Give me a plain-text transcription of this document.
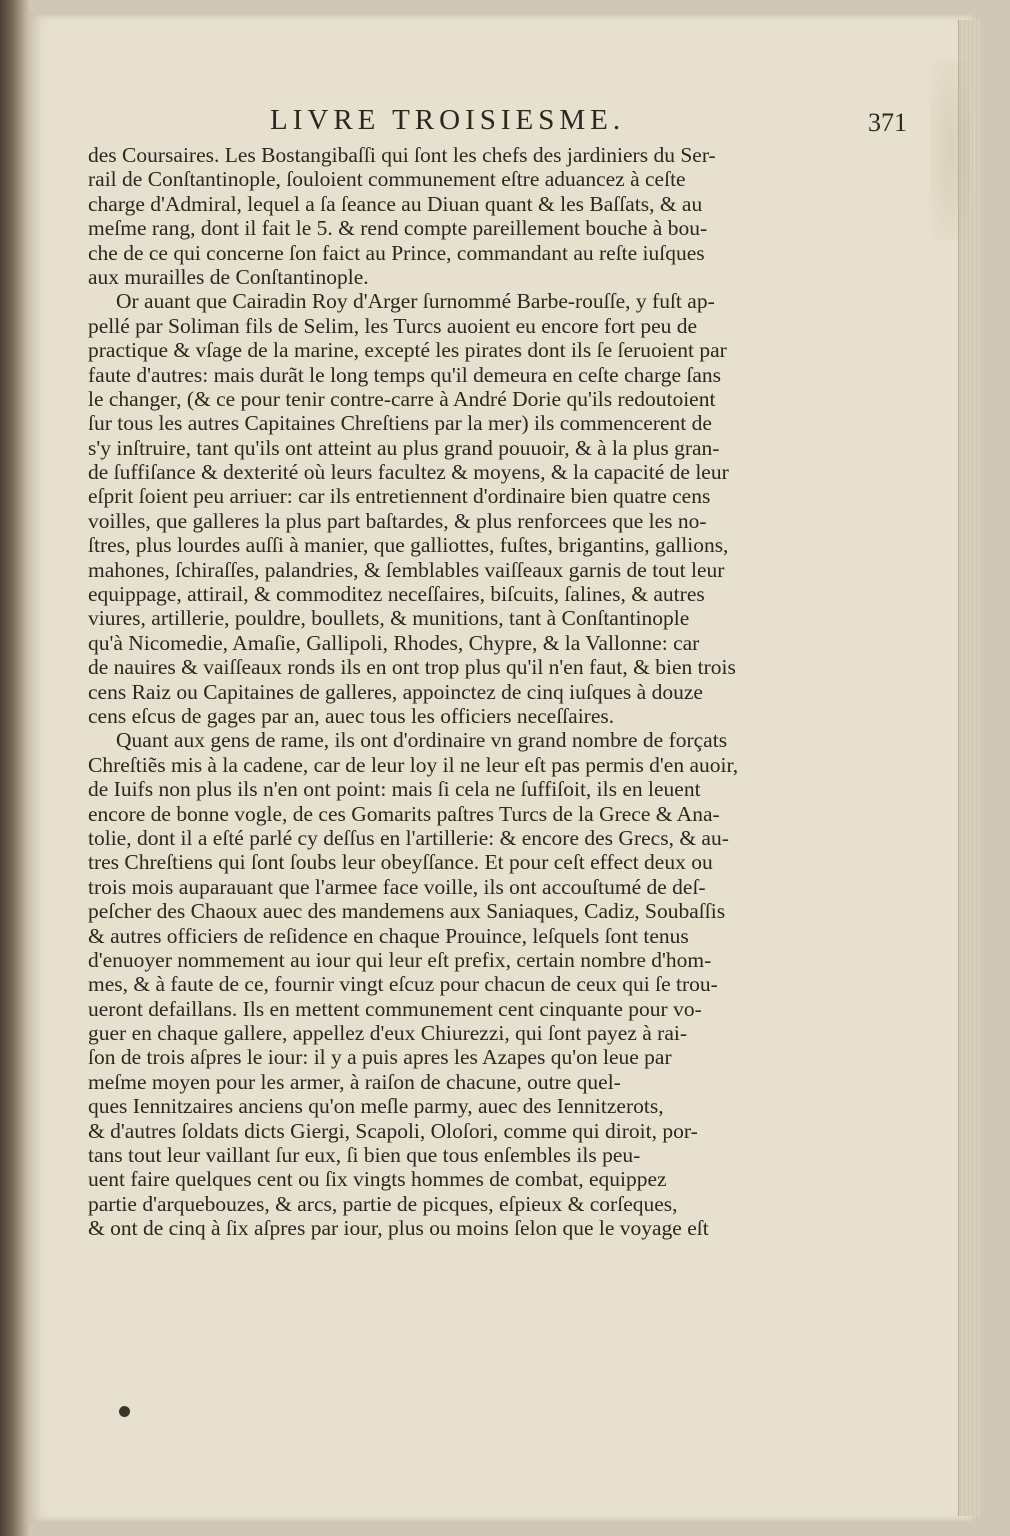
LIVRE TROISIESME.	371
des Coursaires. Les Bostangibaſſi qui ſont les chefs des jardiniers du Ser-
rail de Conſtantinople, ſouloient communement eſtre aduancez à ceſte
charge d'Admiral, lequel a ſa ſeance au Diuan quant & les Baſſats, & au
meſme rang, dont il fait le 5. & rend compte pareillement bouche à bou-
che de ce qui concerne ſon faict au Prince, commandant au reſte iuſques
aux murailles de Conſtantinople.
Or auant que Cairadin Roy d'Arger ſurnommé Barbe-rouſſe, y fuſt ap-
pellé par Soliman fils de Selim, les Turcs auoient eu encore fort peu de
practique & vſage de la marine, excepté les pirates dont ils ſe ſeruoient par
faute d'autres: mais durãt le long temps qu'il demeura en ceſte charge ſans
le changer, (& ce pour tenir contre-carre à André Dorie qu'ils redoutoient
ſur tous les autres Capitaines Chreſtiens par la mer) ils commencerent de
s'y inſtruire, tant qu'ils ont atteint au plus grand pouuoir, & à la plus gran-
de ſuffiſance & dexterité où leurs facultez & moyens, & la capacité de leur
eſprit ſoient peu arriuer: car ils entretiennent d'ordinaire bien quatre cens
voilles, que galleres la plus part baſtardes, & plus renforcees que les no-
ſtres, plus lourdes auſſi à manier, que galliottes, fuſtes, brigantins, gallions,
mahones, ſchiraſſes, palandries, & ſemblables vaiſſeaux garnis de tout leur
equippage, attirail, & commoditez neceſſaires, biſcuits, ſalines, & autres
viures, artillerie, pouldre, boullets, & munitions, tant à Conſtantinople
qu'à Nicomedie, Amaſie, Gallipoli, Rhodes, Chypre, & la Vallonne: car
de nauires & vaiſſeaux ronds ils en ont trop plus qu'il n'en faut, & bien trois
cens Raiz ou Capitaines de galleres, appoinctez de cinq iuſques à douze
cens eſcus de gages par an, auec tous les officiers neceſſaires.
Quant aux gens de rame, ils ont d'ordinaire vn grand nombre de forçats
Chreſtiẽs mis à la cadene, car de leur loy il ne leur eſt pas permis d'en auoir,
de Iuifs non plus ils n'en ont point: mais ſi cela ne ſuffiſoit, ils en leuent
encore de bonne vogle, de ces Gomarits paſtres Turcs de la Grece & Ana-
tolie, dont il a eſté parlé cy deſſus en l'artillerie: & encore des Grecs, & au-
tres Chreſtiens qui ſont ſoubs leur obeyſſance. Et pour ceſt effect deux ou
trois mois auparauant que l'armee face voille, ils ont accouſtumé de deſ-
peſcher des Chaoux auec des mandemens aux Saniaques, Cadiz, Soubaſſis
& autres officiers de reſidence en chaque Prouince, leſquels ſont tenus
d'enuoyer nommement au iour qui leur eſt prefix, certain nombre d'hom-
mes, & à faute de ce, fournir vingt eſcuz pour chacun de ceux qui ſe trou-
ueront defaillans. Ils en mettent communement cent cinquante pour vo-
guer en chaque gallere, appellez d'eux Chiurezzi, qui ſont payez à rai-
ſon de trois aſpres le iour: il y a puis apres les Azapes qu'on leue par
meſme moyen pour les armer, à raiſon de chacune, outre quel-
ques Iennitzaires anciens qu'on meſle parmy, auec des Iennitzerots,
& d'autres ſoldats dicts Giergi, Scapoli, Oloſori, comme qui diroit, por-
tans tout leur vaillant ſur eux, ſi bien que tous enſembles ils peu-
uent faire quelques cent ou ſix vingts hommes de combat, equippez
partie d'arquebouzes, & arcs, partie de picques, eſpieux & corſeques,
& ont de cinq à ſix aſpres par iour, plus ou moins ſelon que le voyage eſt
